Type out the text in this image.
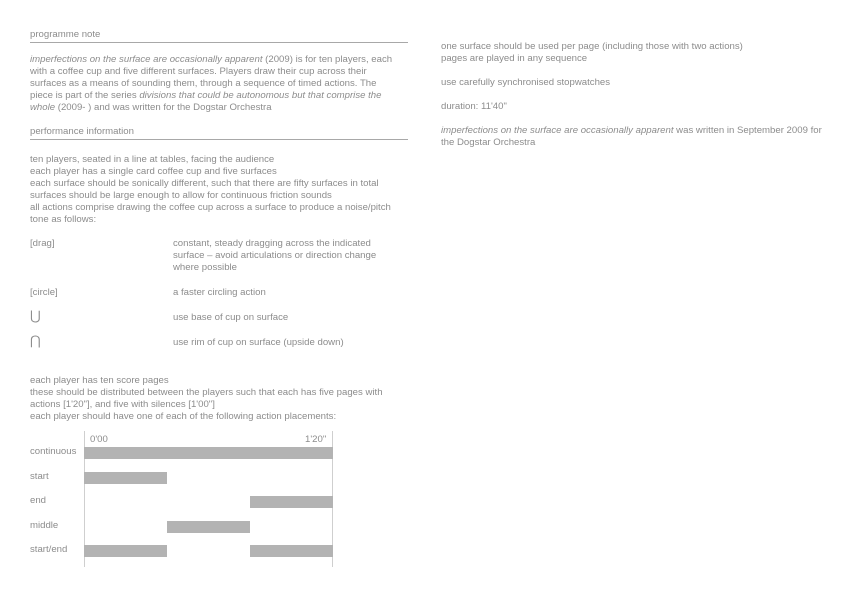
programme note

imperfections on the surface are occasionally apparent (2009) is for ten players, each with a coffee cup and five different surfaces. Players draw their cup across their surfaces as a means of sounding them, through a sequence of timed actions. The piece is part of the series divisions that could be autonomous but that comprise the whole (2009- ) and was written for the Dogstar Orchestra

performance information

ten players, seated in a line at tables, facing the audience

each player has a single card coffee cup and five surfaces

each surface should be sonically different, such that there are fifty surfaces in total

surfaces should be large enough to allow for continuous friction sounds

all actions comprise drawing the coffee cup across a surface to produce a noise/pitch tone as follows:

[drag]	constant, steady dragging across the indicated surface – avoid articulations or direction change where possible
[circle]	a faster circling action
⋃	use base of cup on surface
⋂	use rim of cup on surface (upside down)

each player has ten score pages

these should be distributed between the players such that each has five pages with actions [1'20"], and five with silences [1'00"]

each player should have one of each of the following action placements:

0'00	1'20"
continuous
start
end
middle
start/end

one surface should be used per page (including those with two actions)

pages are played in any sequence

use carefully synchronised stopwatches

duration: 11'40"

imperfections on the surface are occasionally apparent was written in September 2009 for the Dogstar Orchestra
